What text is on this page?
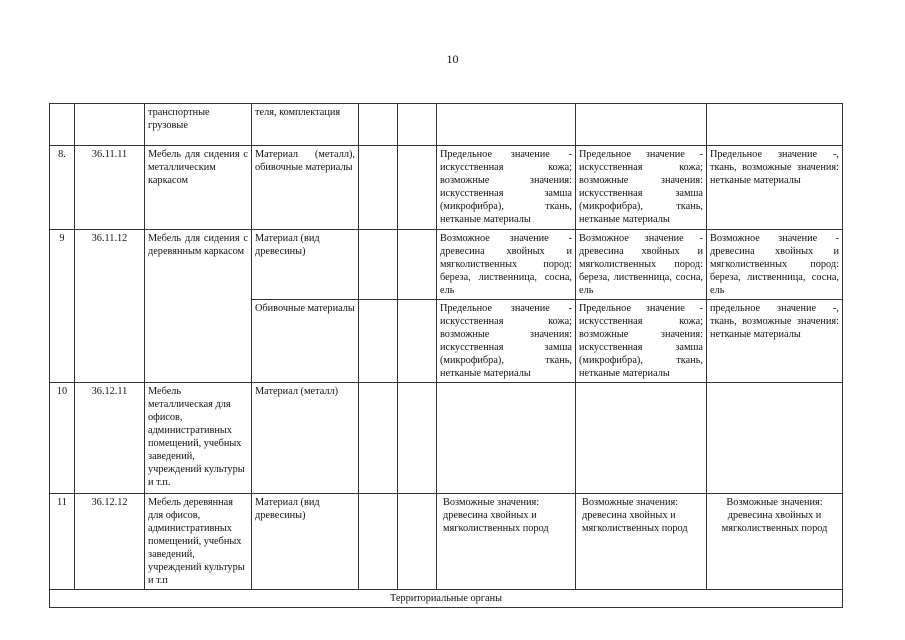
10
		транспортные грузовые	теля, комплектация					
8.	36.11.11	Мебель для сидения с металлическим каркасом	Материал (металл), обивочные материалы			Предельное значение - искусственная кожа; возможные значения: искусственная замша (микрофибра), ткань, нетканые материалы	Предельное значение - искусственная кожа; возможные значения: искусственная замша (микрофибра), ткань, нетканые материалы	Предельное значение -, ткань, возможные значения: нетканые материалы
9	36.11.12	Мебель для сидения с деревянным каркасом	Материал (вид древесины)			Возможное значение - древесина хвойных и мягколиственных пород: береза, лиственница, сосна, ель	Возможное значение - древесина хвойных и мягколиственных пород: береза, лиственница, сосна, ель	Возможное значение - древесина хвойных и мягколиственных пород: береза, лиственница, сосна, ель
			Обивочные материалы			Предельное значение - искусственная кожа; возможные значения: искусственная замша (микрофибра), ткань, нетканые материалы	Предельное значение - искусственная кожа; возможные значения: искусственная замша (микрофибра), ткань, нетканые материалы	предельное значение -, ткань, возможные значения: нетканые материалы
10	36.12.11	Мебель металлическая для офисов, административных помещений, учебных заведений, учреждений культуры и т.п.	Материал (металл)					
11	36.12.12	Мебель деревянная для офисов, административных помещений, учебных заведений, учреждений культуры и т.п	Материал (вид древесины)			Возможные значения: древесина хвойных и мягколиственных пород	Возможные значения: древесина хвойных и мягколиственных пород	Возможные значения: древесина хвойных и мягколиственных пород
Территориальные органы								
